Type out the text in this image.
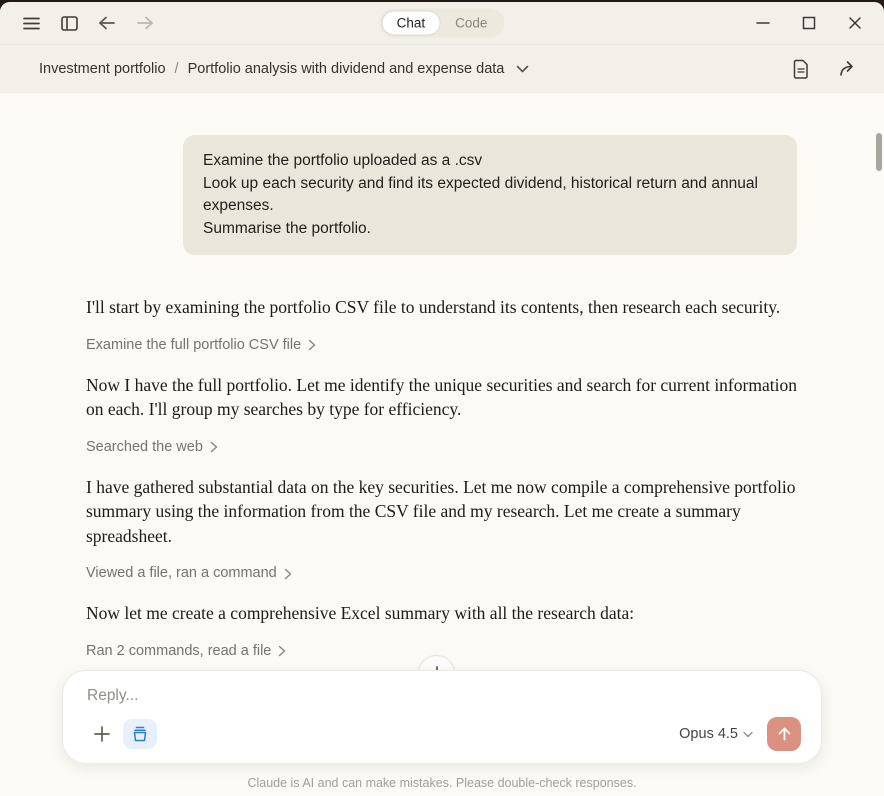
Chat	Code
Investment portfolio / Portfolio analysis with dividend and expense data

Examine the portfolio uploaded as a .csv

Look up each security and find its expected dividend, historical return and annual expenses.

Summarise the portfolio.

I'll start by examining the portfolio CSV file to understand its contents, then research each security.

Examine the full portfolio CSV file

Now I have the full portfolio. Let me identify the unique securities and search for current information on each. I'll group my searches by type for efficiency.

Searched the web

I have gathered substantial data on the key securities. Let me now compile a comprehensive portfolio summary using the information from the CSV file and my research. Let me create a summary spreadsheet.

Viewed a file, ran a command

Now let me create a comprehensive Excel summary with all the research data:

Ran 2 commands, read a file
Reply...
Opus 4.5
Claude is AI and can make mistakes. Please double-check responses.
